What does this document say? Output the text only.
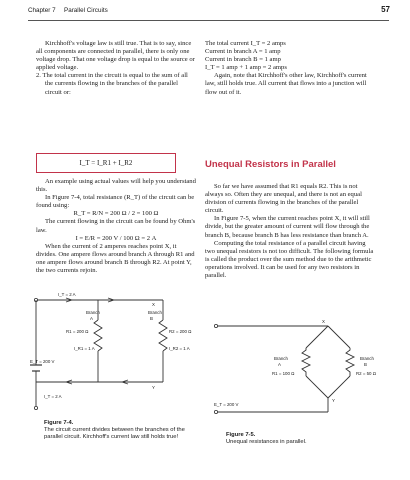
Chapter 7 Parallel Circuits	57

Kirchhoff's voltage law is still true. That is to say, since all components are connected in parallel, there is only one voltage drop. That one voltage drop is equal to the source or applied voltage.

2. The total current in the circuit is equal to the sum of all the currents flowing in the branches of the parallel circuit or:

I_T = I_R1 + I_R2

An example using actual values will help you understand this.

In Figure 7-4, total resistance (R_T) of the circuit can be found using:

R_T = R/N = 200 Ω / 2 = 100 Ω

The current flowing in the circuit can be found by Ohm's law.

I = E/R = 200 V / 100 Ω = 2 A

When the current of 2 amperes reaches point X, it divides. One ampere flows around branch A through R1 and one ampere flows around branch B through R2. At point Y, the two currents rejoin.

The total current I_T = 2 amps

Current in branch A = 1 amp

Current in branch B = 1 amp

I_T = 1 amp + 1 amp = 2 amps

Again, note that Kirchhoff's other law, Kirchhoff's current law, still holds true. All current that flows into a junction will flow out of it.

Unequal Resistors in Parallel

So far we have assumed that R1 equals R2. This is not always so. Often they are unequal, and there is not an equal division of currents flowing in the branches of the parallel circuit.

In Figure 7-5, when the current reaches point X, it will still divide, but the greater amount of current will flow through the branch B, because branch B has less resistance than branch A.

Computing the total resistance of a parallel circuit having two unequal resistors is not too difficult. The following formula is called the product over the sum method due to the arithmetic operations involved. It can be used for any two resistors in parallel.

I_T = 2 A
X
Branch
A
Branch
B
R1 = 200 Ω	R2 = 200 Ω
I_R1 = 1 A	I_R2 = 1 A
Y
E_T = 200 V
I_T = 2 A
Figure 7-4.
The circuit current divides between the branches of the parallel circuit. Kirchhoff's current law still holds true!
X
Y
Branch
A
Branch
B
R1 = 100 Ω	R2 = 50 Ω
E_T = 200 V
Figure 7-5.
Unequal resistances in parallel.
